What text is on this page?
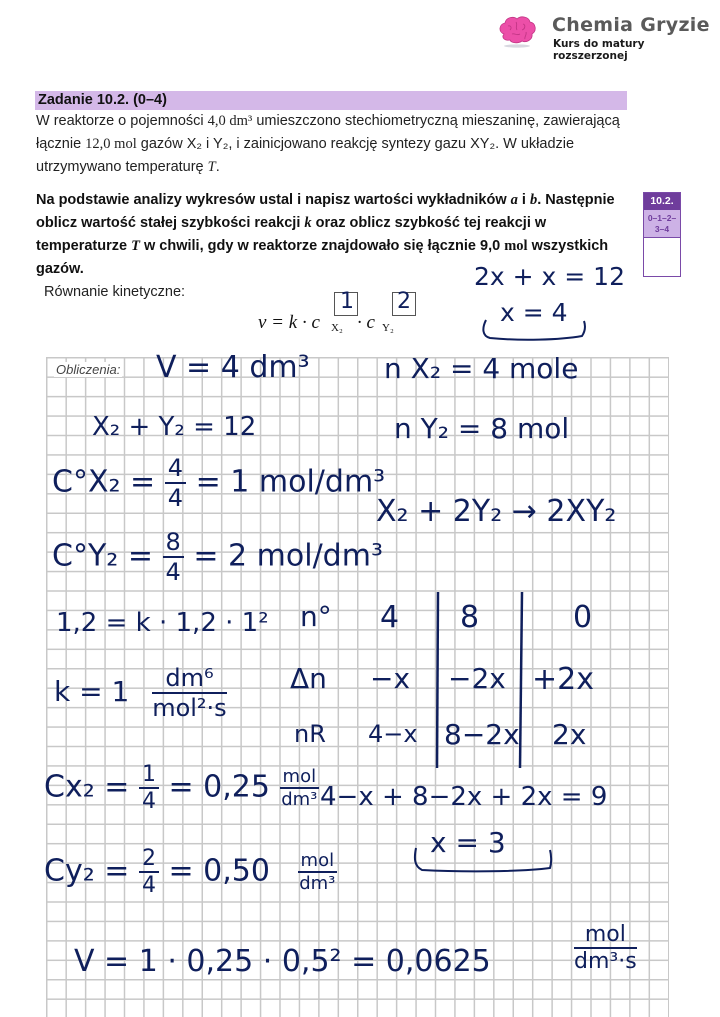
Chemia Gryzie
Kurs do matury rozszerzonej
Zadanie 10.2. (0–4)
W reaktorze o pojemności 4,0 dm³ umieszczono stechiometryczną mieszaninę, zawierającą łącznie 12,0 mol gazów X₂ i Y₂, i zainicjowano reakcję syntezy gazu XY₂. W układzie utrzymywano temperaturę T.
Na podstawie analizy wykresów ustal i napisz wartości wykładników a i b. Następnie oblicz wartość stałej szybkości reakcji k oraz oblicz szybkość tej reakcji w temperaturze T w chwili, gdy w reaktorze znajdowało się łącznie 9,0 mol wszystkich gazów.
10.2.
0–1–2–
3–4
Równanie kinetyczne:
v = k · c X₂
1
· c Y₂
2
2x + x = 12
x = 4
Obliczenia: V = 4 dm³	n X₂ = 4 mole
X₂ + Y₂ = 12	n Y₂ = 8 mol
$C^\circ X_2 = \frac{4}{4} = 1$ mol/dm³
$C^\circ Y_2 = \frac{8}{4} = 2$ mol/dm³
X₂ + 2Y₂ → 2XY₂
1,2 = k · 1,2 · 1²
$k = 1 \frac{\text{dm⁶}}{\text{mol²·s}}$
n° 4 8	0
Δn −x −2x +2x
nR 4−x 8−2x 2x
$Cx_2 = \frac{1}{4} = 0,25 \frac{\text{mol}}{\text{dm³}} 4-x + 8-2x + 2x = 9$
x = 3
$Cy_2 = \frac{2}{4} = 0,50 \frac{\text{mol}}{\text{dm³}}$
V = 1 · 0,25 · 0,5² = 0,0625	$\frac{\text{mol}}{\text{dm³·s}}$
